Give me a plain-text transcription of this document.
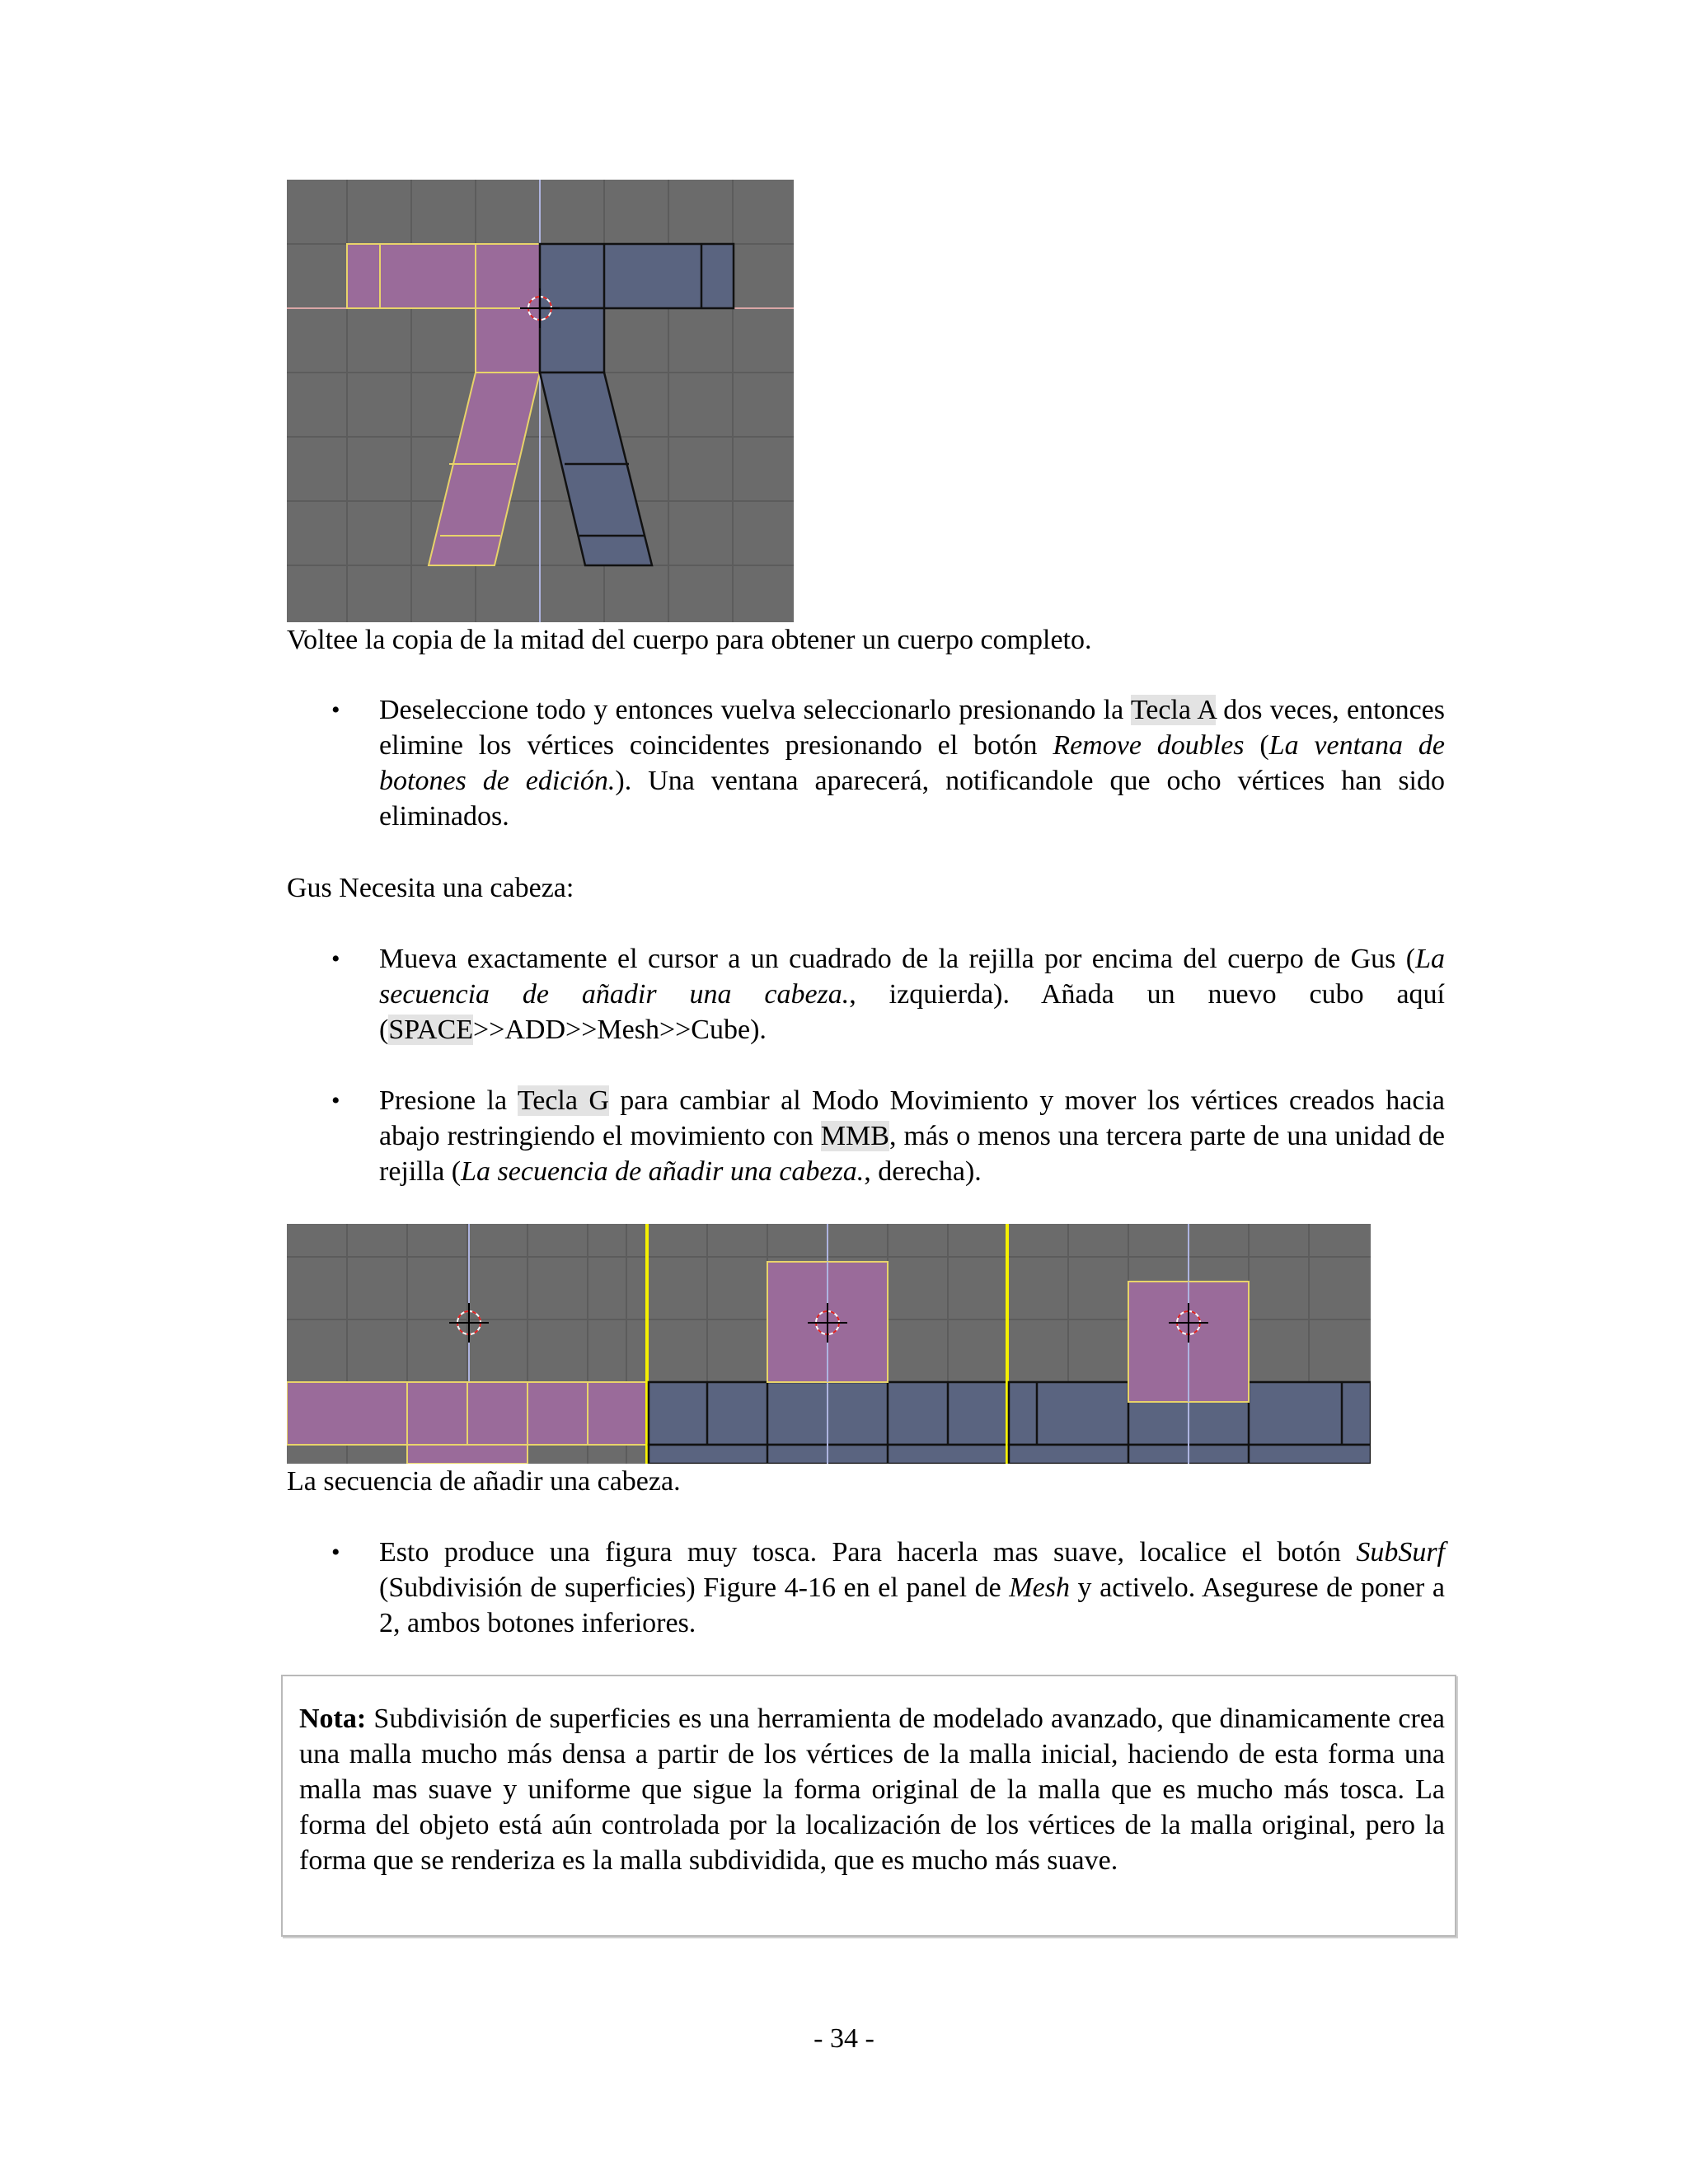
Voltee la copia de la mitad del cuerpo para obtener un cuerpo completo.
• Deseleccione todo y entonces vuelva seleccionarlo presionando la Tecla A dos veces, entonces elimine los vértices coincidentes presionando el botón Remove doubles (La ventana de botones de edición.). Una ventana aparecerá, notificandole que ocho vértices han sido eliminados.
Gus Necesita una cabeza:
• Mueva exactamente el cursor a un cuadrado de la rejilla por encima del cuerpo de Gus (La secuencia de añadir una cabeza., izquierda). Añada un nuevo cubo aquí (SPACE>>ADD>>Mesh>>Cube).
• Presione la Tecla G para cambiar al Modo Movimiento y mover los vértices creados hacia abajo restringiendo el movimiento con MMB, más o menos una tercera parte de una unidad de rejilla (La secuencia de añadir una cabeza., derecha).
La secuencia de añadir una cabeza.
• Esto produce una figura muy tosca. Para hacerla mas suave, localice el botón SubSurf (Subdivisión de superficies) Figure 4-16 en el panel de Mesh y activelo. Asegurese de poner a 2, ambos botones inferiores.
Nota: Subdivisión de superficies es una herramienta de modelado avanzado, que dinamicamente crea una malla mucho más densa a partir de los vértices de la malla inicial, haciendo de esta forma una malla mas suave y uniforme que sigue la forma original de la malla que es mucho más tosca. La forma del objeto está aún controlada por la localización de los vértices de la malla original, pero la forma que se renderiza es la malla subdividida, que es mucho más suave.
- 34 -
